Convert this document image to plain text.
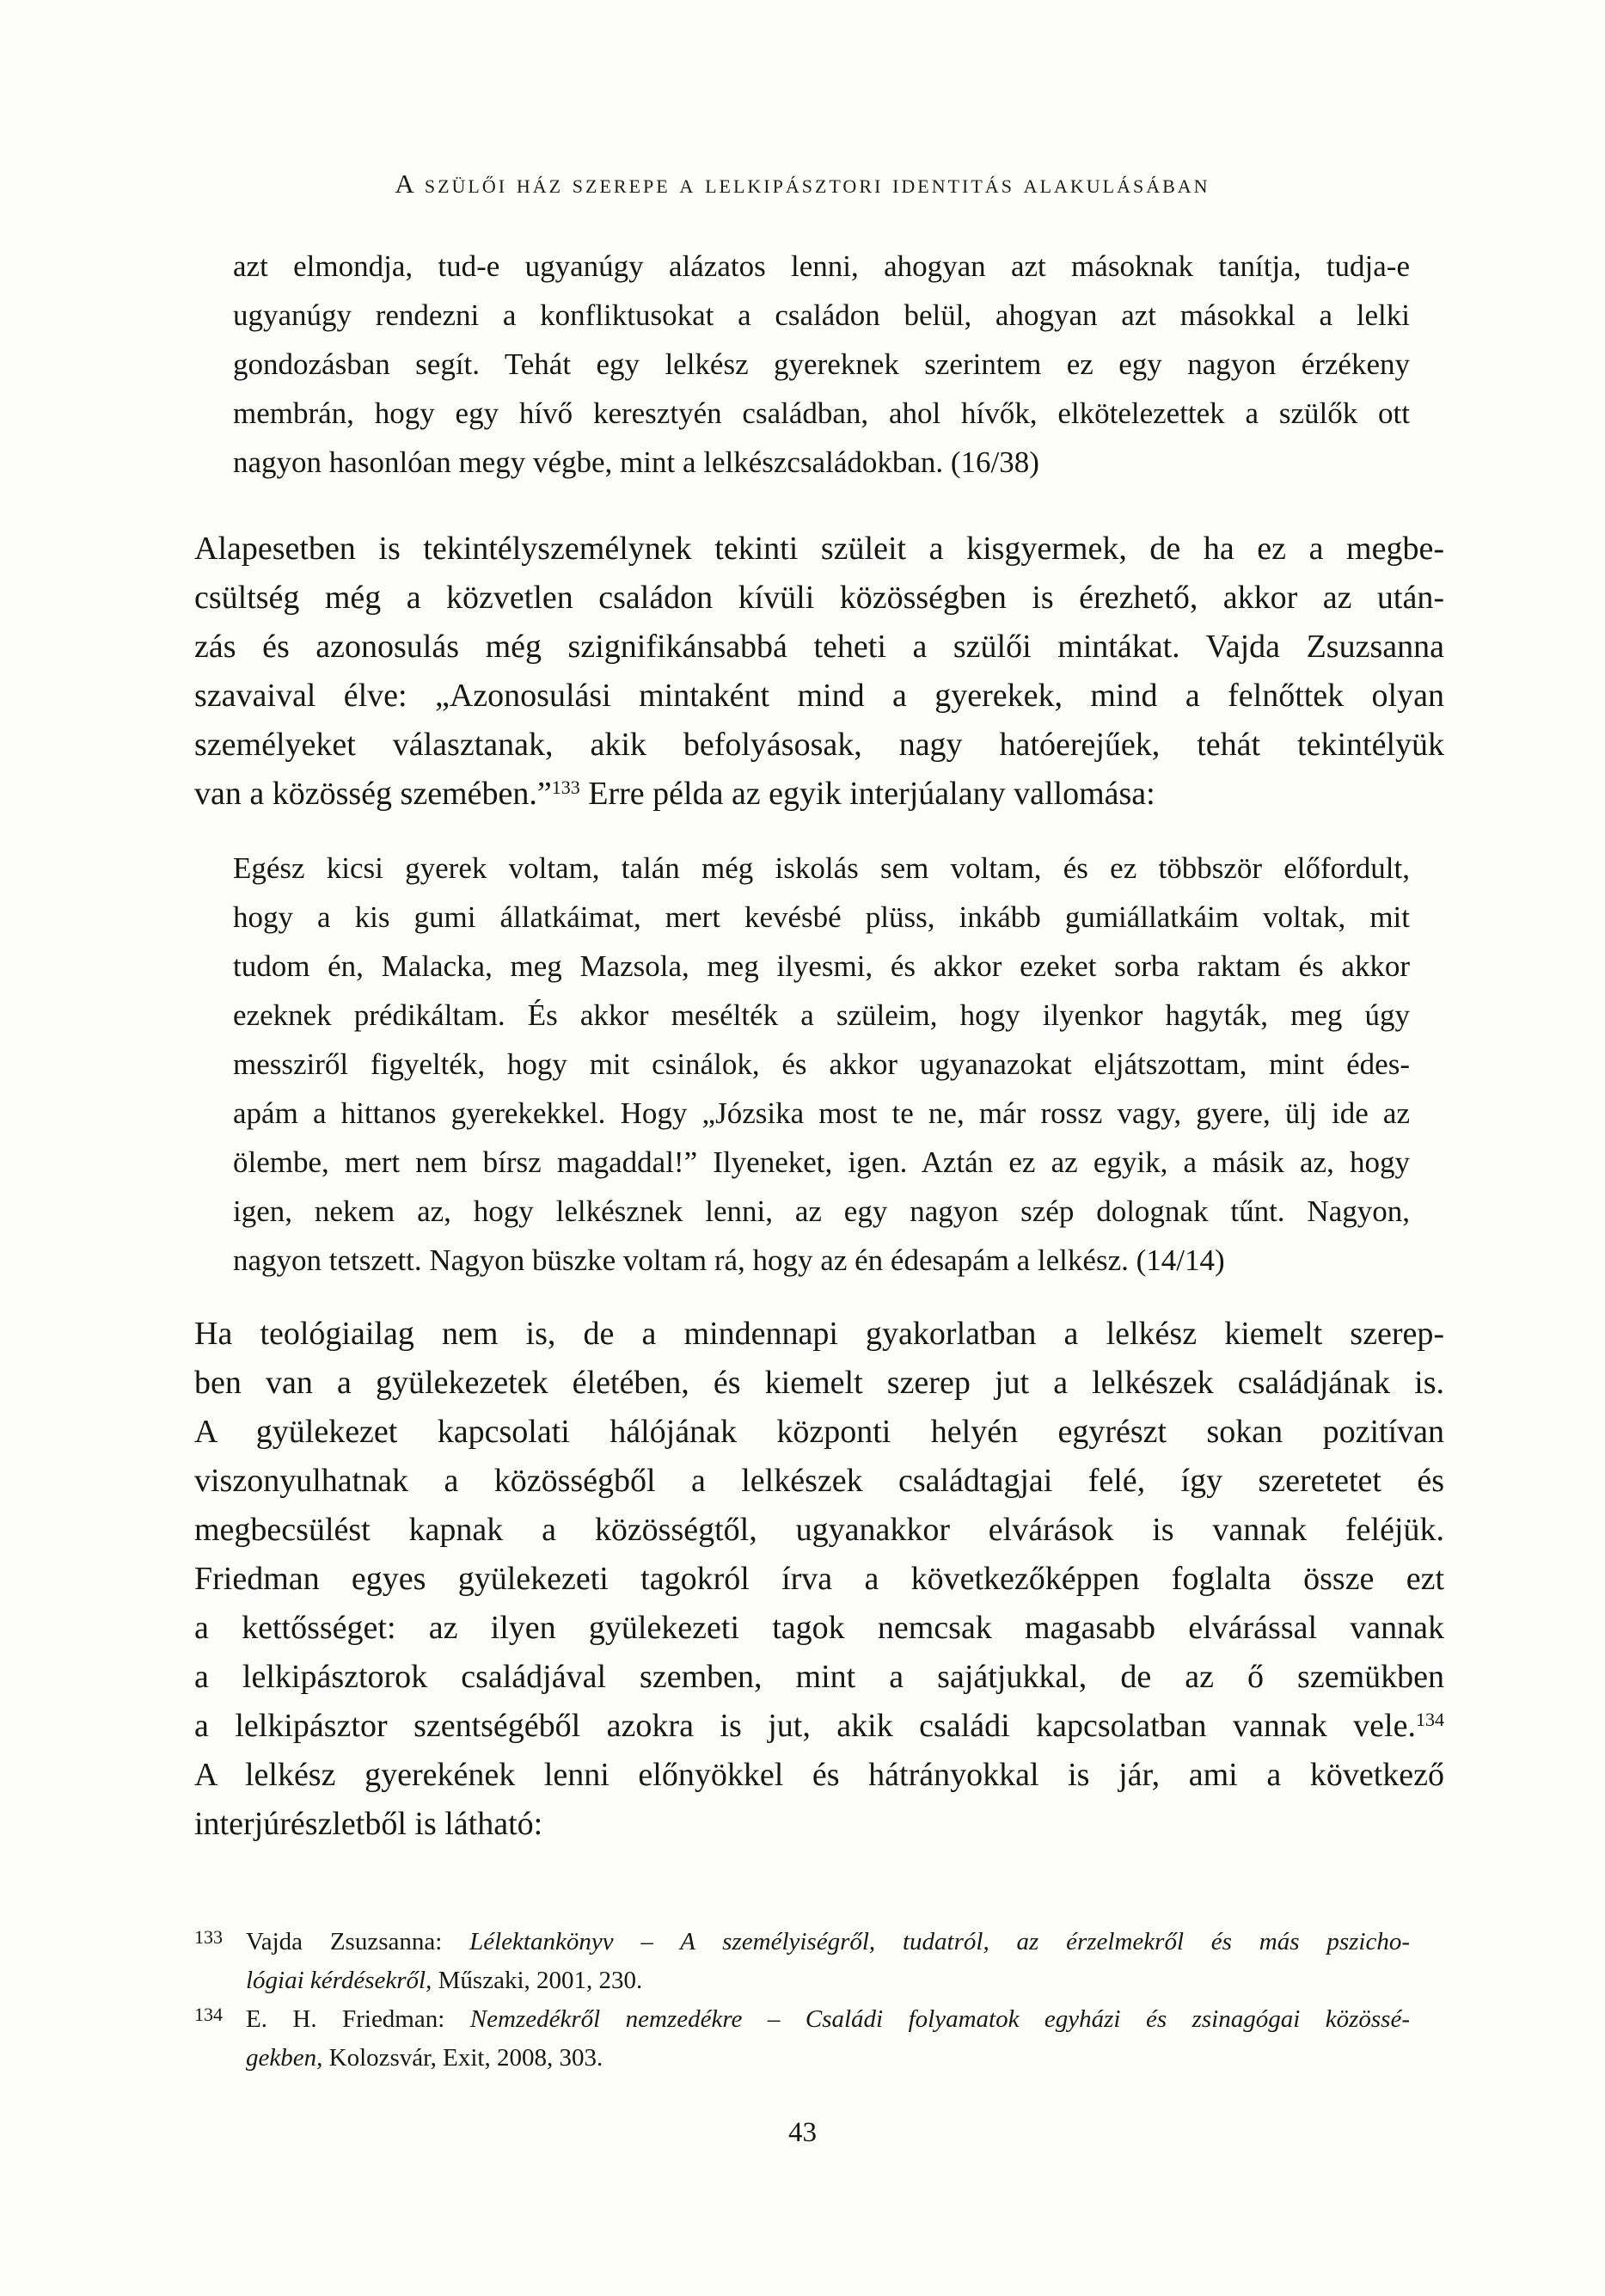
A szülői ház szerepe a lelkipásztori identitás alakulásában
azt elmondja, tud-e ugyanúgy alázatos lenni, ahogyan azt másoknak tanítja, tudja-e
ugyanúgy rendezni a konfliktusokat a családon belül, ahogyan azt másokkal a lelki
gondozásban segít. Tehát egy lelkész gyereknek szerintem ez egy nagyon érzékeny
membrán, hogy egy hívő keresztyén családban, ahol hívők, elkötelezettek a szülők ott
nagyon hasonlóan megy végbe, mint a lelkészcsaládokban. (16/38)
Alapesetben is tekintélyszemélynek tekinti szüleit a kisgyermek, de ha ez a megbe-
csültség még a közvetlen családon kívüli közösségben is érezhető, akkor az után-
zás és azonosulás még szignifikánsabbá teheti a szülői mintákat. Vajda Zsuzsanna
szavaival élve: „Azonosulási mintaként mind a gyerekek, mind a felnőttek olyan
személyeket választanak, akik befolyásosak, nagy hatóerejűek, tehát tekintélyük
van a közösség szemében.”$^{133}$ Erre példa az egyik interjúalany vallomása:
Egész kicsi gyerek voltam, talán még iskolás sem voltam, és ez többször előfordult,
hogy a kis gumi állatkáimat, mert kevésbé plüss, inkább gumiállatkáim voltak, mit
tudom én, Malacka, meg Mazsola, meg ilyesmi, és akkor ezeket sorba raktam és akkor
ezeknek prédikáltam. És akkor mesélték a szüleim, hogy ilyenkor hagyták, meg úgy
messziről figyelték, hogy mit csinálok, és akkor ugyanazokat eljátszottam, mint édes-
apám a hittanos gyerekekkel. Hogy „Józsika most te ne, már rossz vagy, gyere, ülj ide az
ölembe, mert nem bírsz magaddal!” Ilyeneket, igen. Aztán ez az egyik, a másik az, hogy
igen, nekem az, hogy lelkésznek lenni, az egy nagyon szép dolognak tűnt. Nagyon,
nagyon tetszett. Nagyon büszke voltam rá, hogy az én édesapám a lelkész. (14/14)
Ha teológiailag nem is, de a mindennapi gyakorlatban a lelkész kiemelt szerep-
ben van a gyülekezetek életében, és kiemelt szerep jut a lelkészek családjának is.
A gyülekezet kapcsolati hálójának központi helyén egyrészt sokan pozitívan
viszonyulhatnak a közösségből a lelkészek családtagjai felé, így szeretetet és
megbecsülést kapnak a közösségtől, ugyanakkor elvárások is vannak feléjük.
Friedman egyes gyülekezeti tagokról írva a következőképpen foglalta össze ezt
a kettősséget: az ilyen gyülekezeti tagok nemcsak magasabb elvárással vannak
a lelkipásztorok családjával szemben, mint a sajátjukkal, de az ő szemükben
a lelkipásztor szentségéből azokra is jut, akik családi kapcsolatban vannak vele.$^{134}$
A lelkész gyerekének lenni előnyökkel és hátrányokkal is jár, ami a következő
interjúrészletből is látható:
133 Vajda Zsuzsanna: Lélektankönyv – A személyiségről, tudatról, az érzelmekről és más pszicho-
lógiai kérdésekről, Műszaki, 2001, 230.
134 E. H. Friedman: Nemzedékről nemzedékre – Családi folyamatok egyházi és zsinagógai közössé-
gekben, Kolozsvár, Exit, 2008, 303.
43
